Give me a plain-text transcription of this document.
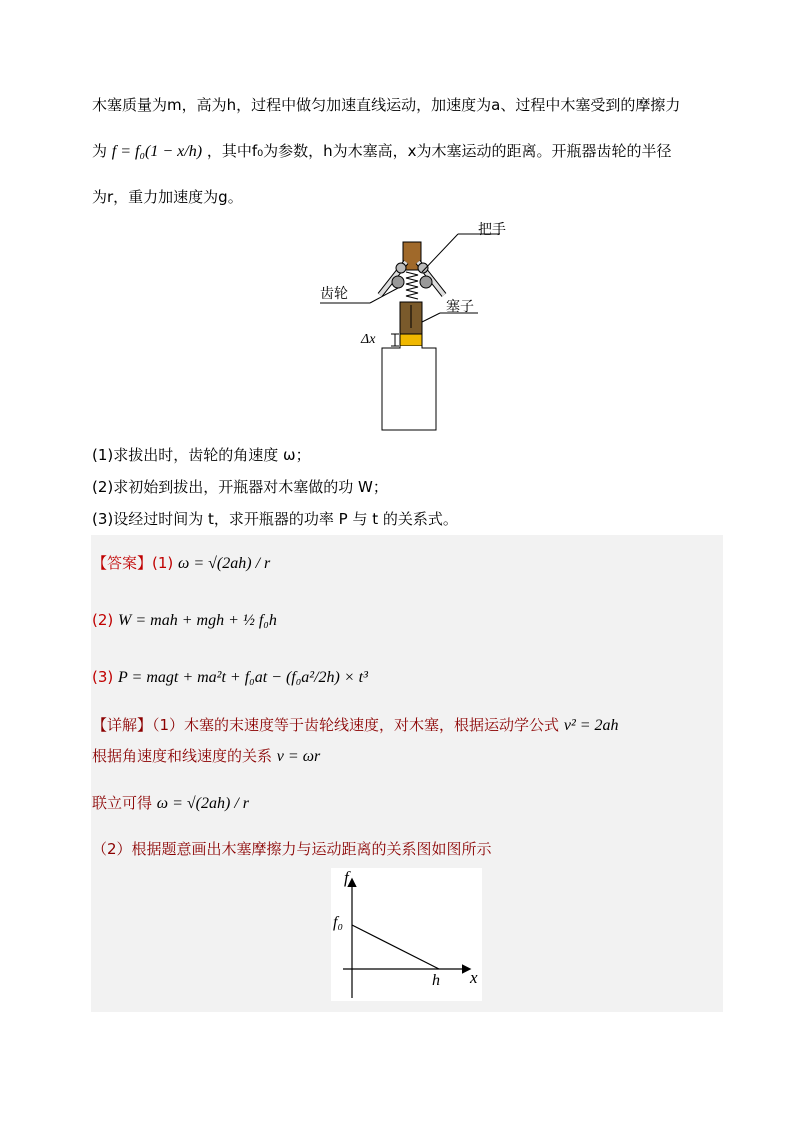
木塞质量为m，高为h，过程中做匀加速直线运动，加速度为a、过程中木塞受到的摩擦力
为 f = f₀(1 − x/h) ，其中f₀为参数，h为木塞高，x为木塞运动的距离。开瓶器齿轮的半径
为r，重力加速度为g。
把手
齿轮
塞子
Δx
(1)求拔出时，齿轮的角速度 ω；
(2)求初始到拔出，开瓶器对木塞做的功 W；
(3)设经过时间为 t，求开瓶器的功率 P 与 t 的关系式。
【答案】(1) ω = √(2ah) / r
(2) W = mah + mgh + ½ f₀h
(3) P = magt + ma²t + f₀at − (f₀a²/2h) × t³
【详解】（1）木塞的末速度等于齿轮线速度，对木塞，根据运动学公式 v² = 2ah
根据角速度和线速度的关系 v = ωr
联立可得 ω = √(2ah) / r
（2）根据题意画出木塞摩擦力与运动距离的关系图如图所示
f
x
f₀
h
